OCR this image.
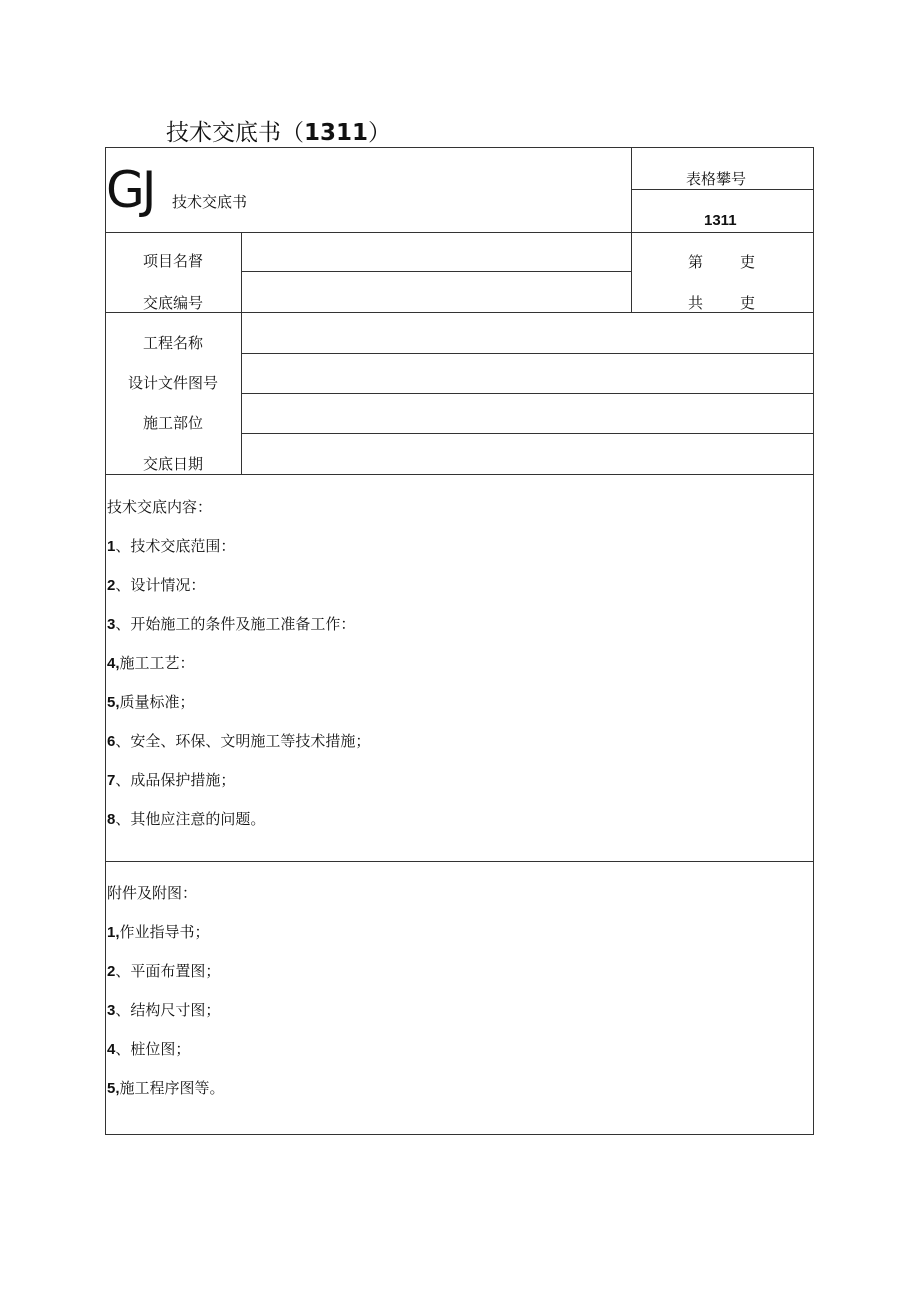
技术交底书（1311）
GJ 技术交底书
表格攀号
1311
第 吏
共 吏
项目名督
交底编号
工程名称
设计文件图号
施工部位
交底日期
技术交底内容：
1、技术交底范围：
2、设计情况：
3、开始施工的条件及施工准备工作：
4,施工工艺：
5,质量标准；
6、安全、环保、文明施工等技术措施；
7、成品保护措施；
8、其他应注意的问题。
附件及附图：
1,作业指导书；
2、平面布置图；
3、结构尺寸图；
4、桩位图；
5,施工程序图等。
